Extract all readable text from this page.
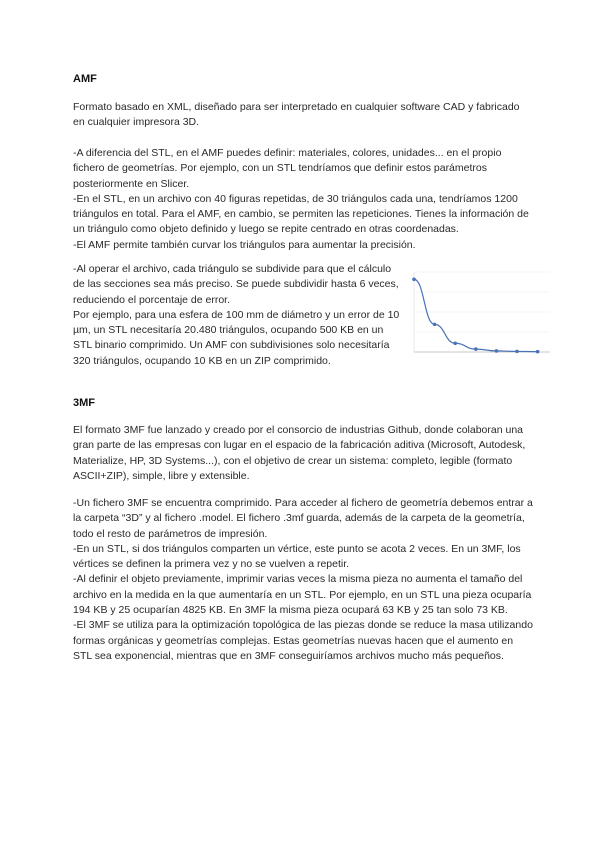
AMF

Formato basado en XML, diseñado para ser interpretado en cualquier software CAD y fabricado en cualquier impresora 3D.

-A diferencia del STL, en el AMF puedes definir: materiales, colores, unidades... en el propio fichero de geometrías. Por ejemplo, con un STL tendríamos que definir estos parámetros posteriormente en Slicer.

-En el STL, en un archivo con 40 figuras repetidas, de 30 triángulos cada una, tendríamos 1200 triángulos en total. Para el AMF, en cambio, se permiten las repeticiones. Tienes la información de un triángulo como objeto definido y luego se repite centrado en otras coordenadas.

-El AMF permite también curvar los triángulos para aumentar la precisión.

-Al operar el archivo, cada triángulo se subdivide para que el cálculo de las secciones sea más preciso. Se puede subdividir hasta 6 veces, reduciendo el porcentaje de error.

Por ejemplo, para una esfera de 100 mm de diámetro y un error de 10 µm, un STL necesitaría 20.480 triángulos, ocupando 500 KB en un STL binario comprimido. Un AMF con subdivisiones solo necesitaría 320 triángulos, ocupando 10 KB en un ZIP comprimido.

3MF

El formato 3MF fue lanzado y creado por el consorcio de industrias Github, donde colaboran una gran parte de las empresas con lugar en el espacio de la fabricación aditiva (Microsoft, Autodesk, Materialize, HP, 3D Systems...), con el objetivo de crear un sistema: completo, legible (formato ASCII+ZIP), simple, libre y extensible.

-Un fichero 3MF se encuentra comprimido. Para acceder al fichero de geometría debemos entrar a la carpeta “3D” y al fichero .model. El fichero .3mf guarda, además de la carpeta de la geometría, todo el resto de parámetros de impresión.

-En un STL, si dos triángulos comparten un vértice, este punto se acota 2 veces. En un 3MF, los vértices se definen la primera vez y no se vuelven a repetir.

-Al definir el objeto previamente, imprimir varias veces la misma pieza no aumenta el tamaño del archivo en la medida en la que aumentaría en un STL. Por ejemplo, en un STL una pieza ocuparía 194 KB y 25 ocuparían 4825 KB. En 3MF la misma pieza ocupará 63 KB y 25 tan solo 73 KB.

-El 3MF se utiliza para la optimización topológica de las piezas donde se reduce la masa utilizando formas orgánicas y geometrías complejas. Estas geometrías nuevas hacen que el aumento en STL sea exponencial, mientras que en 3MF conseguiríamos archivos mucho más pequeños.
